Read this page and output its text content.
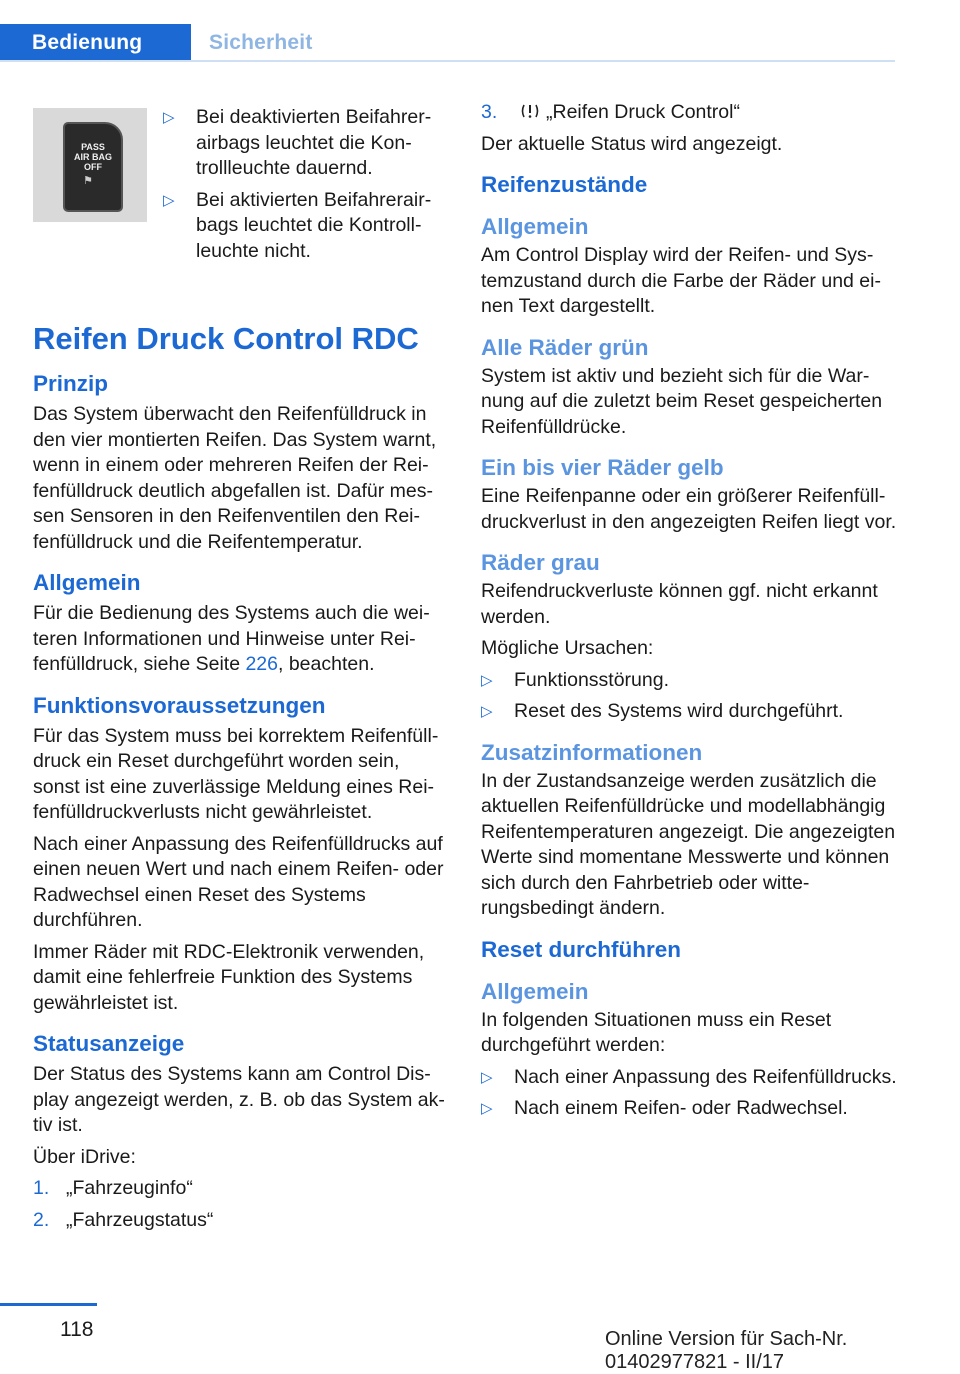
Bedienung	Sicherheit
PASS
AIR BAG
OFF
⚑
▷ Bei deaktivierten Beifahrerairbags leuchtet die Kontrollleuchte dauernd.
▷ Bei aktivierten Beifahrerairbags leuchtet die Kontrollleuchte nicht.
Reifen Druck Control RDC
Prinzip

Das System überwacht den Reifenfülldruck in den vier montierten Reifen. Das System warnt, wenn in einem oder mehreren Reifen der Reifenfülldruck deutlich abgefallen ist. Dafür messen Sensoren in den Reifenventilen den Reifenfülldruck und die Reifentemperatur.

Allgemein

Für die Bedienung des Systems auch die weiteren Informationen und Hinweise unter Reifenfülldruck, siehe Seite 226, beachten.

Funktionsvoraussetzungen

Für das System muss bei korrektem Reifenfülldruck ein Reset durchgeführt worden sein, sonst ist eine zuverlässige Meldung eines Reifenfülldruckverlusts nicht gewährleistet.

Nach einer Anpassung des Reifenfülldrucks auf einen neuen Wert und nach einem Reifen- oder Radwechsel einen Reset des Systems durchführen.

Immer Räder mit RDC-Elektronik verwenden, damit eine fehlerfreie Funktion des Systems gewährleistet ist.

Statusanzeige

Der Status des Systems kann am Control Display angezeigt werden, z. B. ob das System aktiv ist.

Über iDrive:

1. „Fahrzeuginfo“
2. „Fahrzeugstatus“
3. „Reifen Druck Control“

Der aktuelle Status wird angezeigt.

Reifenzustände
Allgemein

Am Control Display wird der Reifen- und Systemzustand durch die Farbe der Räder und einen Text dargestellt.

Alle Räder grün

System ist aktiv und bezieht sich für die Warnung auf die zuletzt beim Reset gespeicherten Reifenfülldrücke.

Ein bis vier Räder gelb

Eine Reifenpanne oder ein größerer Reifenfülldruckverlust in den angezeigten Reifen liegt vor.

Räder grau

Reifendruckverluste können ggf. nicht erkannt werden.

Mögliche Ursachen:

▷ Funktionsstörung.
▷ Reset des Systems wird durchgeführt.
Zusatzinformationen

In der Zustandsanzeige werden zusätzlich die aktuellen Reifenfülldrücke und modellabhängig Reifentemperaturen angezeigt. Die angezeigten Werte sind momentane Messwerte und können sich durch den Fahrbetrieb oder witterungsbedingt ändern.

Reset durchführen
Allgemein

In folgenden Situationen muss ein Reset durchgeführt werden:

▷ Nach einer Anpassung des Reifenfülldrucks.
▷ Nach einem Reifen- oder Radwechsel.
118	Online Version für Sach-Nr. 01402977821 - II/17
